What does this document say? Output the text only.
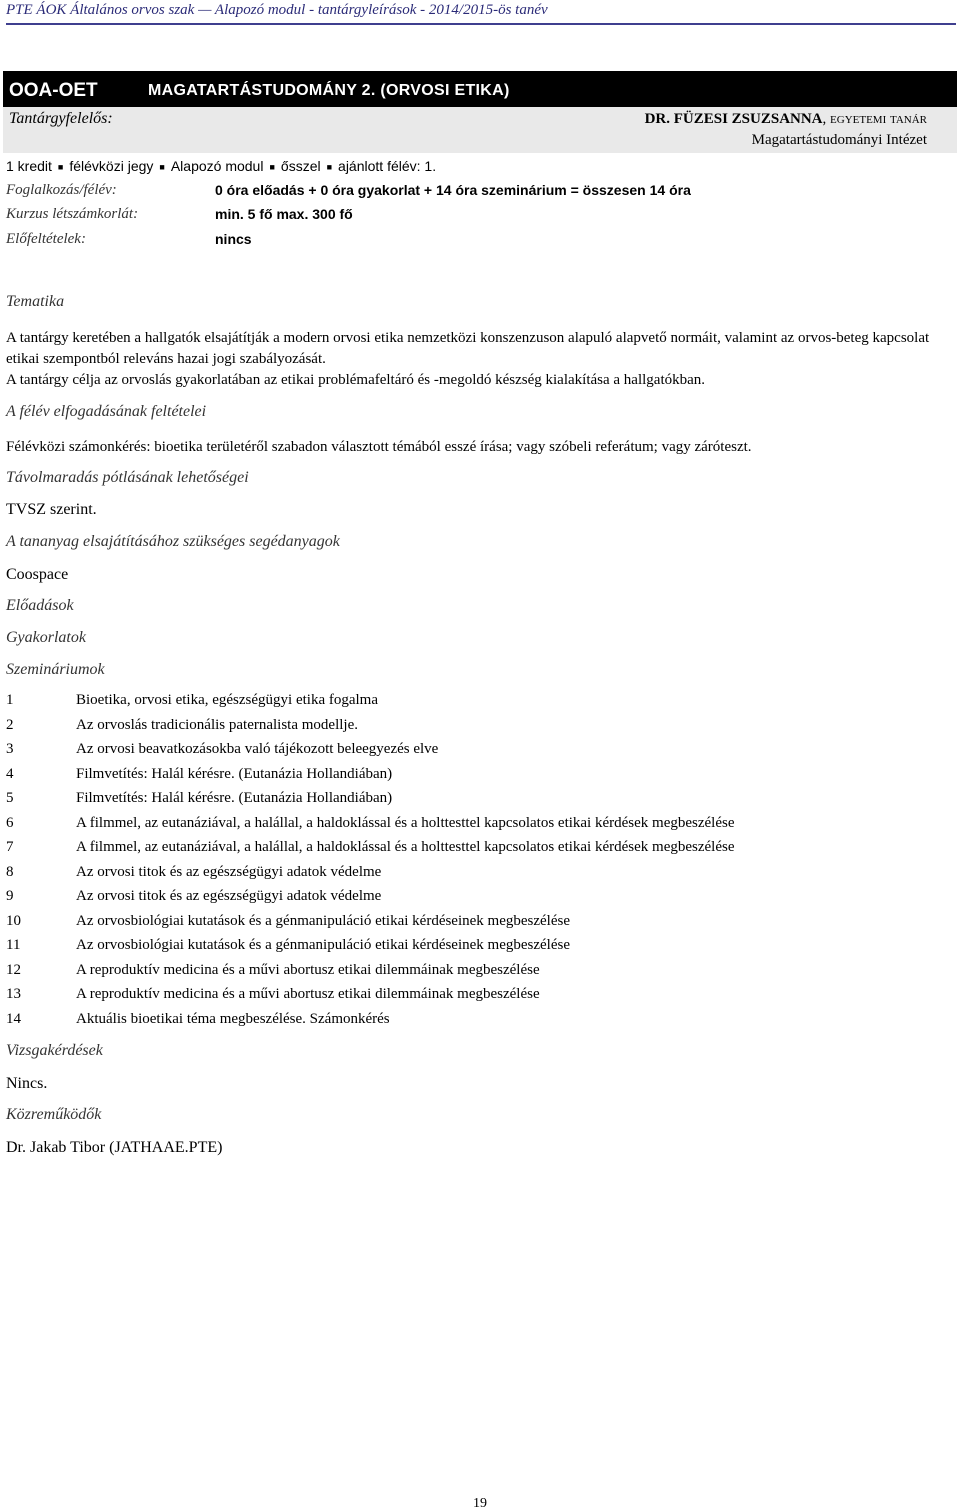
PTE ÁOK Általános orvos szak — Alapozó modul - tantárgyleírások - 2014/2015-ös tanév
OOA-OET	MAGATARTÁSTUDOMÁNY 2. (ORVOSI ETIKA)
Tantárgyfelelős:	DR. FÜZESI ZSUZSANNA, egyetemi tanár
Magatartástudományi Intézet
1 kredit ■ félévközi jegy ■ Alapozó modul ■ ősszel ■ ajánlott félév: 1.
Foglalkozás/félév:	0 óra előadás + 0 óra gyakorlat + 14 óra szeminárium = összesen 14 óra
Kurzus létszámkorlát:	min. 5 fő max. 300 fő
Előfeltételek:	nincs
Tematika
A tantárgy keretében a hallgatók elsajátítják a modern orvosi etika nemzetközi konszenzuson alapuló alapvető normáit, valamint az orvos-beteg kapcsolat etikai szempontból releváns hazai jogi szabályozását.
A tantárgy célja az orvoslás gyakorlatában az etikai problémafeltáró és -megoldó készség kialakítása a hallgatókban.
A félév elfogadásának feltételei
Félévközi számonkérés: bioetika területéről szabadon választott témából esszé írása; vagy szóbeli referátum; vagy záróteszt.
Távolmaradás pótlásának lehetőségei
TVSZ szerint.
A tananyag elsajátításához szükséges segédanyagok
Coospace
Előadások
Gyakorlatok
Szemináriumok
1	Bioetika, orvosi etika, egészségügyi etika fogalma
2	Az orvoslás tradicionális paternalista modellje.
3	Az orvosi beavatkozásokba való tájékozott beleegyezés elve
4	Filmvetítés: Halál kérésre. (Eutanázia Hollandiában)
5	Filmvetítés: Halál kérésre. (Eutanázia Hollandiában)
6	A filmmel, az eutanáziával, a halállal, a haldoklással és a holttesttel kapcsolatos etikai kérdések megbeszélése
7	A filmmel, az eutanáziával, a halállal, a haldoklással és a holttesttel kapcsolatos etikai kérdések megbeszélése
8	Az orvosi titok és az egészségügyi adatok védelme
9	Az orvosi titok és az egészségügyi adatok védelme
10	Az orvosbiológiai kutatások és a génmanipuláció etikai kérdéseinek megbeszélése
11	Az orvosbiológiai kutatások és a génmanipuláció etikai kérdéseinek megbeszélése
12	A reproduktív medicina és a művi abortusz etikai dilemmáinak megbeszélése
13	A reproduktív medicina és a művi abortusz etikai dilemmáinak megbeszélése
14	Aktuális bioetikai téma megbeszélése. Számonkérés
Vizsgakérdések
Nincs.
Közreműködők
Dr. Jakab Tibor (JATHAAE.PTE)
19
